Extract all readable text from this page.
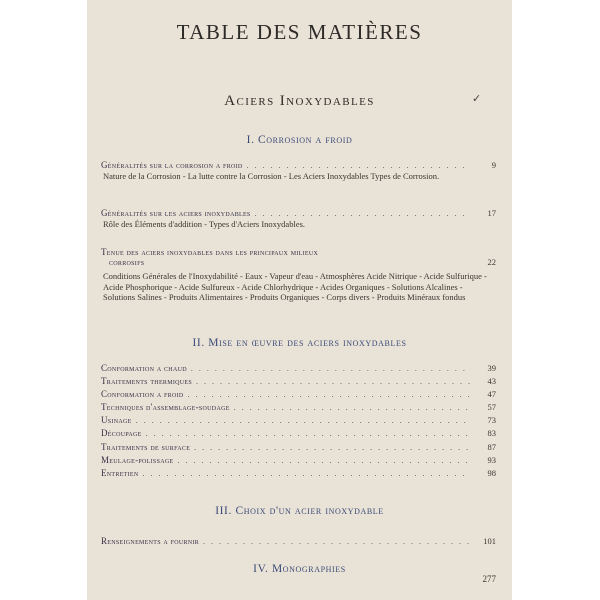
TABLE DES MATIÈRES
Aciers Inoxydables	✓
I. Corrosion a froid
Généralités sur la corrosion a froid . . .	9
Nature de la Corrosion - La lutte contre la Corrosion - Les Aciers Inoxydables Types de Corrosion.
Généralités sur les aciers inoxydables . . .	17
Rôle des Éléments d'addition - Types d'Aciers Inoxydables.
Tenue des aciers inoxydables dans les principaux milieux
corrosifs	22
Conditions Générales de l'Inoxydabilité - Eaux - Vapeur d'eau - Atmosphères Acide Nitrique - Acide Sulfurique - Acide Phosphorique - Acide Sulfureux - Acide Chlorhydrique - Acides Organiques - Solutions Alcalines - Solutions Salines - Produits Alimentaires - Produits Organiques - Corps divers - Produits Minéraux fondus
II. Mise en œuvre des aciers inoxydables
Conformation a chaud . . .	39
Traitements thermiques . . .	43
Conformation a froid . . .	47
Techniques d'assemblage-soudage . . .	57
Usinage . . .	73
Découpage . . .	83
Traitements de surface . . .	87
Meulage-polissage . . .	93
Entretien . . .	98
III. Choix d'un acier inoxydable
Renseignements a fournir . . .	101
IV. Monographies
277
